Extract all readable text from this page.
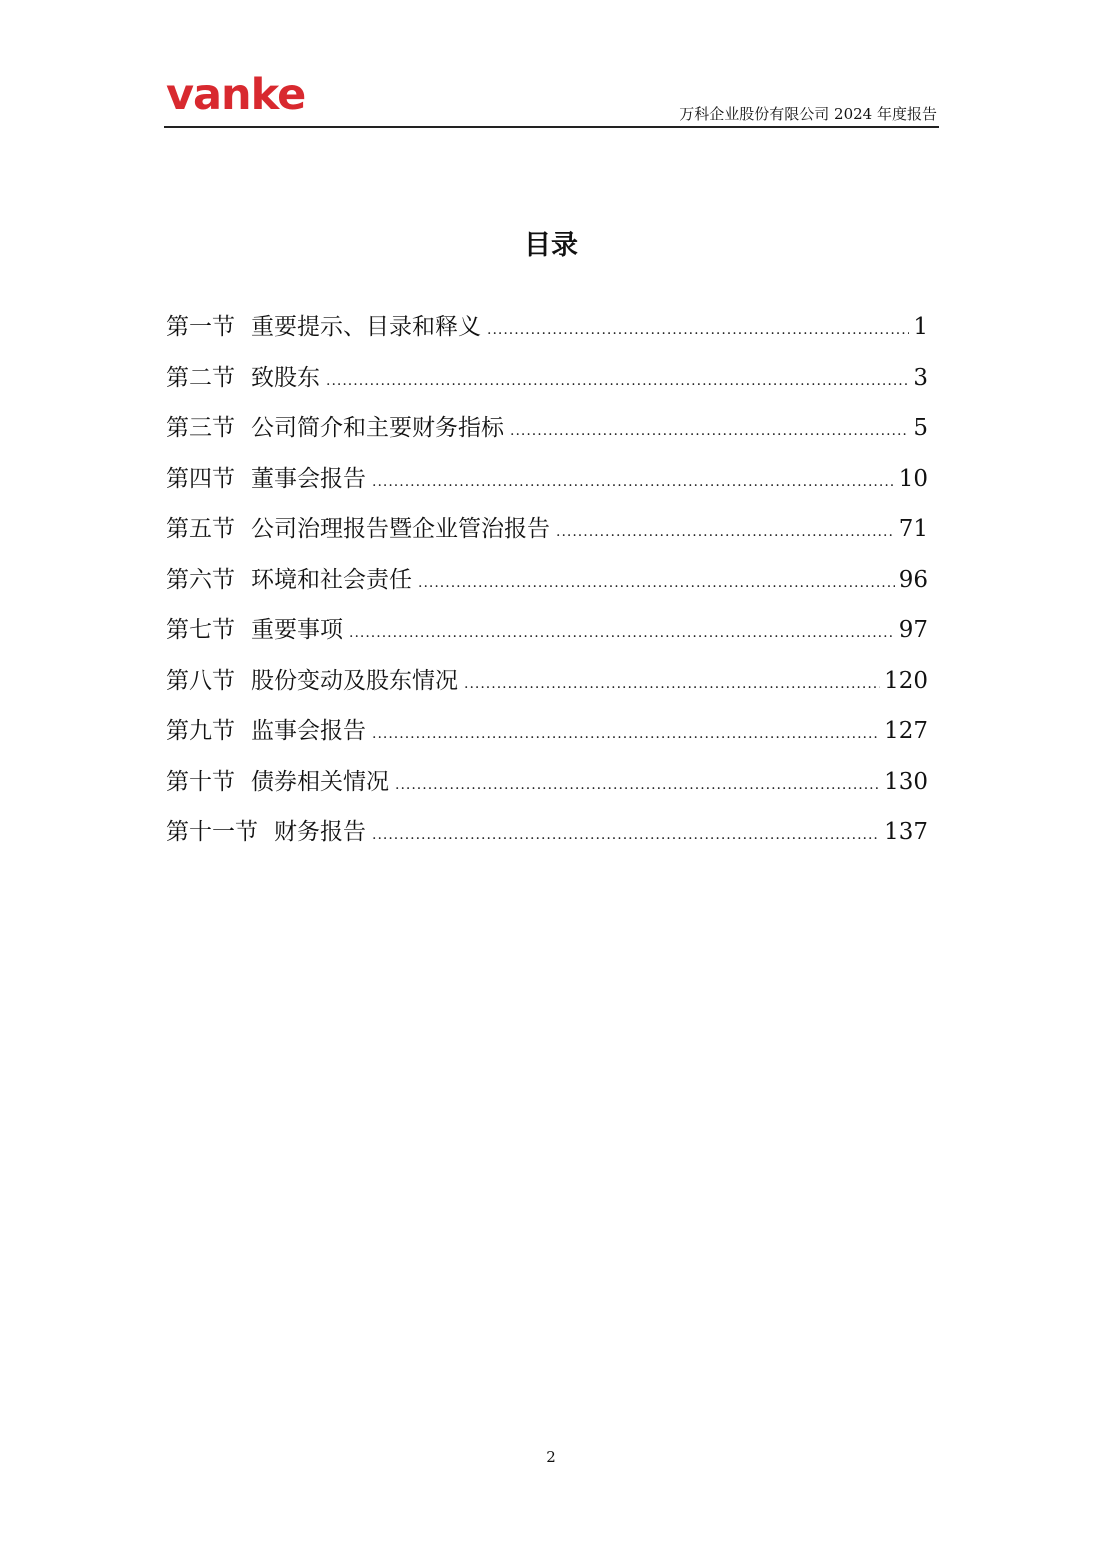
vanke	万科企业股份有限公司 2024 年度报告
目录
第一节 重要提示、目录和释义 .....	1
第二节 致股东 .....	3
第三节 公司简介和主要财务指标 .....	5
第四节 董事会报告 .....	10
第五节 公司治理报告暨企业管治报告 .....	71
第六节 环境和社会责任 .....	96
第七节 重要事项 .....	97
第八节 股份变动及股东情况 .....	120
第九节 监事会报告 .....	127
第十节 债券相关情况 .....	130
第十一节 财务报告 .....	137
2
